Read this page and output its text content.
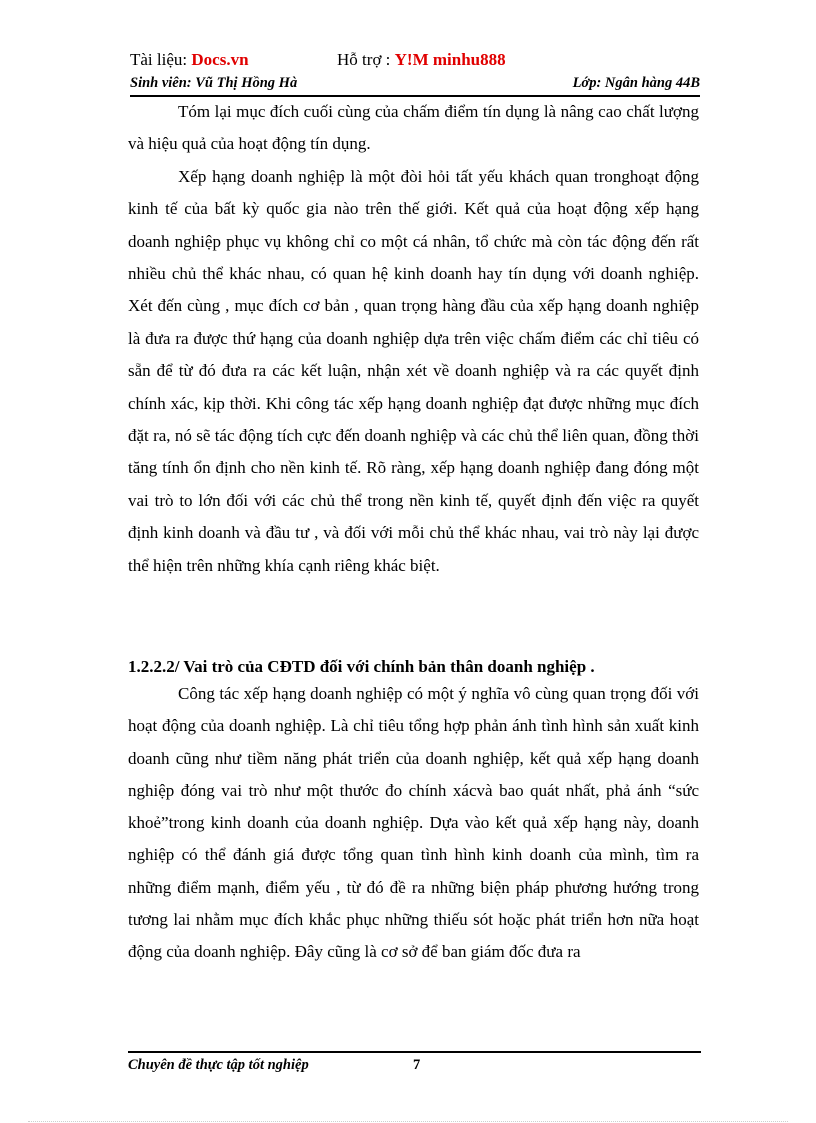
Tài liệu: Docs.vn	Hỗ trợ : Y!M minhu888
Sinh viên: Vũ Thị Hồng Hà	Lớp: Ngân hàng 44B

Tóm lại mục đích cuối cùng của chấm điểm tín dụng là nâng cao chất lượng và hiệu quả của hoạt động tín dụng.

Xếp hạng doanh nghiệp là một đòi hỏi tất yếu khách quan tronghoạt động kinh tế của bất kỳ quốc gia nào trên thế giới. Kết quả của hoạt động xếp hạng doanh nghiệp phục vụ không chỉ co một cá nhân, tổ chức mà còn tác động đến rất nhiều chủ thể khác nhau, có quan hệ kinh doanh hay tín dụng với doanh nghiệp. Xét đến cùng , mục đích cơ bản , quan trọng hàng đầu của xếp hạng doanh nghiệp là đưa ra được thứ hạng của doanh nghiệp dựa trên việc chấm điểm các chỉ tiêu có sẵn để từ đó đưa ra các kết luận, nhận xét về doanh nghiệp và ra các quyết định chính xác, kịp thời. Khi công tác xếp hạng doanh nghiệp đạt được những mục đích đặt ra, nó sẽ tác động tích cực đến doanh nghiệp và các chủ thể liên quan, đồng thời tăng tính ổn định cho nền kinh tế. Rõ ràng, xếp hạng doanh nghiệp đang đóng một vai trò to lớn đối với các chủ thể trong nền kinh tế, quyết định đến việc ra quyết định kinh doanh và đầu tư , và đối với mỗi chủ thể khác nhau, vai trò này lại được thể hiện trên những khía cạnh riêng khác biệt.

1.2.2.2/ Vai trò của CĐTD đối với chính bản thân doanh nghiệp .

Công tác xếp hạng doanh nghiệp có một ý nghĩa vô cùng quan trọng đối với hoạt động của doanh nghiệp. Là chỉ tiêu tổng hợp phản ánh tình hình sản xuất kinh doanh cũng như tiềm năng phát triển của doanh nghiệp, kết quả xếp hạng doanh nghiệp đóng vai trò như một thước đo chính xácvà bao quát nhất, phả ánh “sức khoẻ”trong kinh doanh của doanh nghiệp. Dựa vào kết quả xếp hạng này, doanh nghiệp có thể đánh giá được tổng quan tình hình kinh doanh của mình, tìm ra những điểm mạnh, điểm yếu , từ đó đề ra những biện pháp phương hướng trong tương lai nhằm mục đích khắc phục những thiếu sót hoặc phát triển hơn nữa hoạt động của doanh nghiệp. Đây cũng là cơ sở để ban giám đốc đưa ra

Chuyên đề thực tập tốt nghiệp	7
